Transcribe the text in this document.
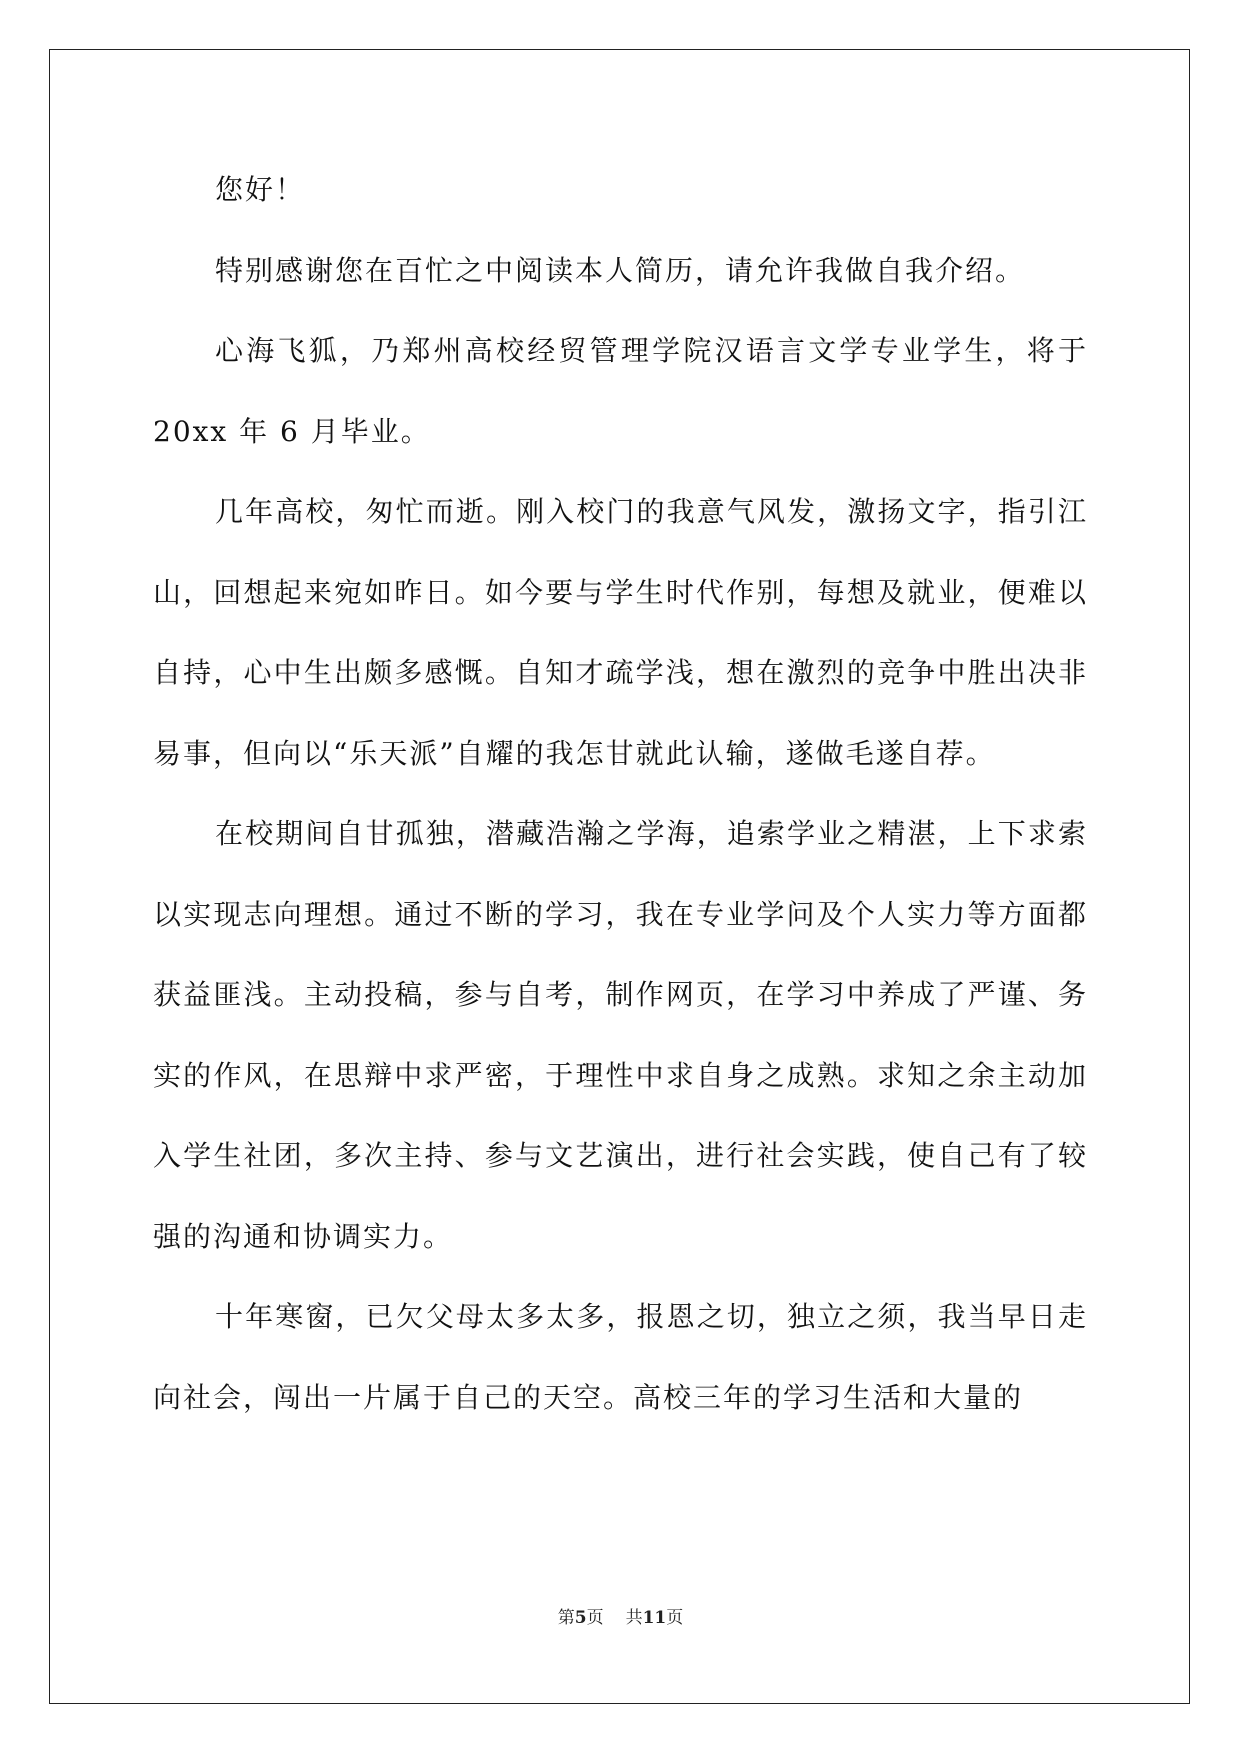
您好！

特别感谢您在百忙之中阅读本人简历，请允许我做自我介绍。

心海飞狐，乃郑州高校经贸管理学院汉语言文学专业学生，将于20xx 年 6 月毕业。

几年高校，匆忙而逝。刚入校门的我意气风发，激扬文字，指引江山，回想起来宛如昨日。如今要与学生时代作别，每想及就业，便难以自持，心中生出颇多感慨。自知才疏学浅，想在激烈的竞争中胜出决非易事，但向以“乐天派”自耀的我怎甘就此认输，遂做毛遂自荐。

在校期间自甘孤独，潜藏浩瀚之学海，追索学业之精湛，上下求索以实现志向理想。通过不断的学习，我在专业学问及个人实力等方面都获益匪浅。主动投稿，参与自考，制作网页，在学习中养成了严谨、务实的作风，在思辩中求严密，于理性中求自身之成熟。求知之余主动加入学生社团，多次主持、参与文艺演出，进行社会实践，使自己有了较强的沟通和协调实力。

十年寒窗，已欠父母太多太多，报恩之切，独立之须，我当早日走向社会，闯出一片属于自己的天空。高校三年的学习生活和大量的

第5页 共11页
